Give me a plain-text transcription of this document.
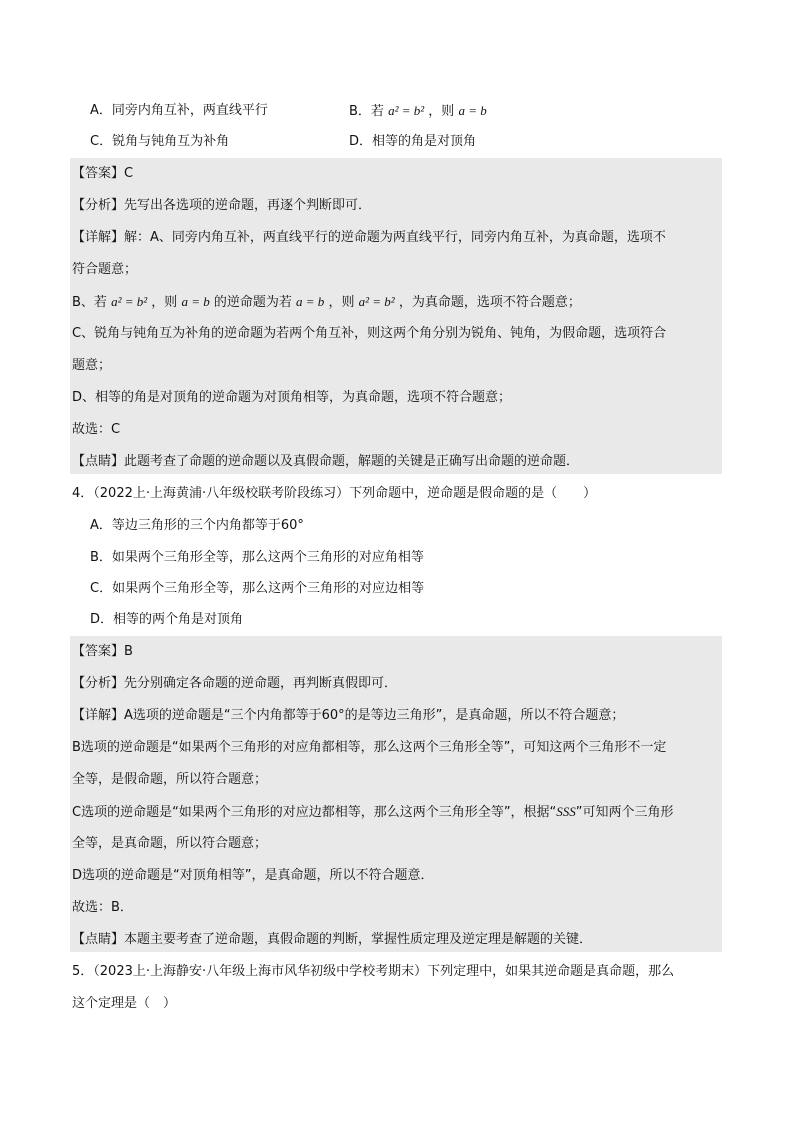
A．同旁内角互补，两直线平行	B．若 a² = b² ，则 a = b
C．锐角与钝角互为补角	D．相等的角是对顶角
【答案】C
【分析】先写出各选项的逆命题，再逐个判断即可．
【详解】解：A、同旁内角互补，两直线平行的逆命题为两直线平行，同旁内角互补，为真命题，选项不
符合题意；
B、若 a² = b² ，则 a = b 的逆命题为若 a = b ，则 a² = b² ，为真命题，选项不符合题意；
C、锐角与钝角互为补角的逆命题为若两个角互补，则这两个角分别为锐角、钝角，为假命题，选项符合
题意；
D、相等的角是对顶角的逆命题为对顶角相等，为真命题，选项不符合题意；
故选：C
【点睛】此题考查了命题的逆命题以及真假命题，解题的关键是正确写出命题的逆命题．
4．（2022上·上海黄浦·八年级校联考阶段练习）下列命题中，逆命题是假命题的是（　　）
A．等边三角形的三个内角都等于60°
B．如果两个三角形全等，那么这两个三角形的对应角相等
C．如果两个三角形全等，那么这两个三角形的对应边相等
D．相等的两个角是对顶角
【答案】B
【分析】先分别确定各命题的逆命题，再判断真假即可．
【详解】A选项的逆命题是“三个内角都等于60°的是等边三角形”，是真命题，所以不符合题意；
B选项的逆命题是“如果两个三角形的对应角都相等，那么这两个三角形全等”，可知这两个三角形不一定
全等，是假命题，所以符合题意；
C选项的逆命题是“如果两个三角形的对应边都相等，那么这两个三角形全等”，根据“SSS”可知两个三角形
全等，是真命题，所以符合题意；
D选项的逆命题是“对顶角相等”，是真命题，所以不符合题意．
故选：B．
【点睛】本题主要考查了逆命题，真假命题的判断，掌握性质定理及逆定理是解题的关键．
5．（2023上·上海静安·八年级上海市风华初级中学校考期末）下列定理中，如果其逆命题是真命题，那么
这个定理是（　）
